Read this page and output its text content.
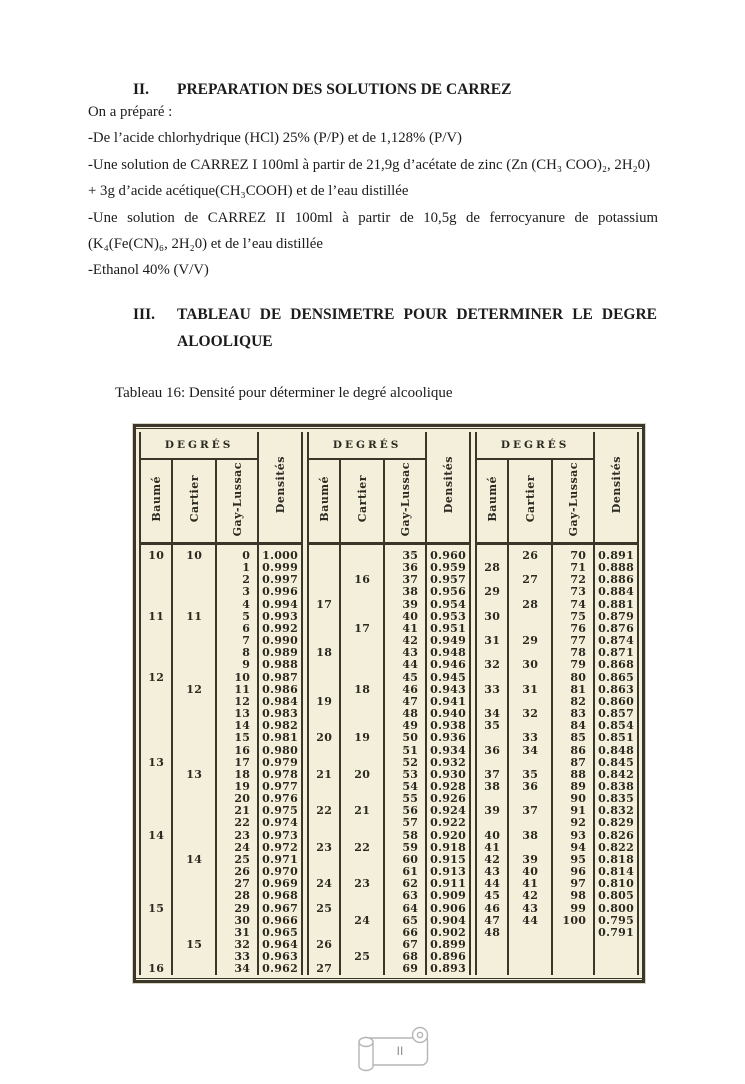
II.	PREPARATION DES SOLUTIONS DE CARREZ
On a préparé :
-De l’acide chlorhydrique (HCl) 25% (P/P) et de 1,128% (P/V)
-Une solution de CARREZ I 100ml à partir de 21,9g d’acétate de zinc (Zn (CH₃ COO)₂, 2H₂0)
+ 3g d’acide acétique(CH₃COOH) et de l’eau distillée
-Une solution de CARREZ II 100ml à partir de 10,5g de ferrocyanure de potassium
(K₄(Fe(CN)₆, 2H₂0) et de l’eau distillée
-Ethanol 40% (V/V)
III.	TABLEAU DE DENSIMETRE POUR DETERMINER LE DEGRE
ALOOLIQUE
Tableau 16: Densité pour déterminer le degré alcoolique
DEGRÉS			Densités
Baumé	Cartier	Gay-Lussac	
10	10	0	1.000
		1	0.999
		2	0.997
		3	0.996
		4	0.994
11	11	5	0.993
		6	0.992
		7	0.990
		8	0.989
		9	0.988
12		10	0.987
	12	11	0.986
		12	0.984
		13	0.983
		14	0.982
		15	0.981
		16	0.980
13		17	0.979
	13	18	0.978
		19	0.977
		20	0.976
		21	0.975
		22	0.974
14		23	0.973
		24	0.972
	14	25	0.971
		26	0.970
		27	0.969
		28	0.968
15		29	0.967
		30	0.966
		31	0.965
	15	32	0.964
		33	0.963
16		34	0.962
DEGRÉS			Densités
Baumé	Cartier	Gay-Lussac	
		35	0.960
		36	0.959
	16	37	0.957
		38	0.956
17		39	0.954
		40	0.953
	17	41	0.951
		42	0.949
18		43	0.948
		44	0.946
		45	0.945
	18	46	0.943
19		47	0.941
		48	0.940
		49	0.938
20	19	50	0.936
		51	0.934
		52	0.932
21	20	53	0.930
		54	0.928
		55	0.926
22	21	56	0.924
		57	0.922
		58	0.920
23	22	59	0.918
		60	0.915
		61	0.913
24	23	62	0.911
		63	0.909
25		64	0.906
	24	65	0.904
		66	0.902
26		67	0.899
	25	68	0.896
27		69	0.893
DEGRÉS			Densités
Baumé	Cartier	Gay-Lussac	
	26	70	0.891
28		71	0.888
	27	72	0.886
29		73	0.884
	28	74	0.881
30		75	0.879
		76	0.876
31	29	77	0.874
		78	0.871
32	30	79	0.868
		80	0.865
33	31	81	0.863
		82	0.860
34	32	83	0.857
35		84	0.854
	33	85	0.851
36	34	86	0.848
		87	0.845
37	35	88	0.842
38	36	89	0.838
		90	0.835
39	37	91	0.832
		92	0.829
40	38	93	0.826
41		94	0.822
42	39	95	0.818
43	40	96	0.814
44	41	97	0.810
45	42	98	0.805
46	43	99	0.800
47	44	100	0.795
48			0.791

II
